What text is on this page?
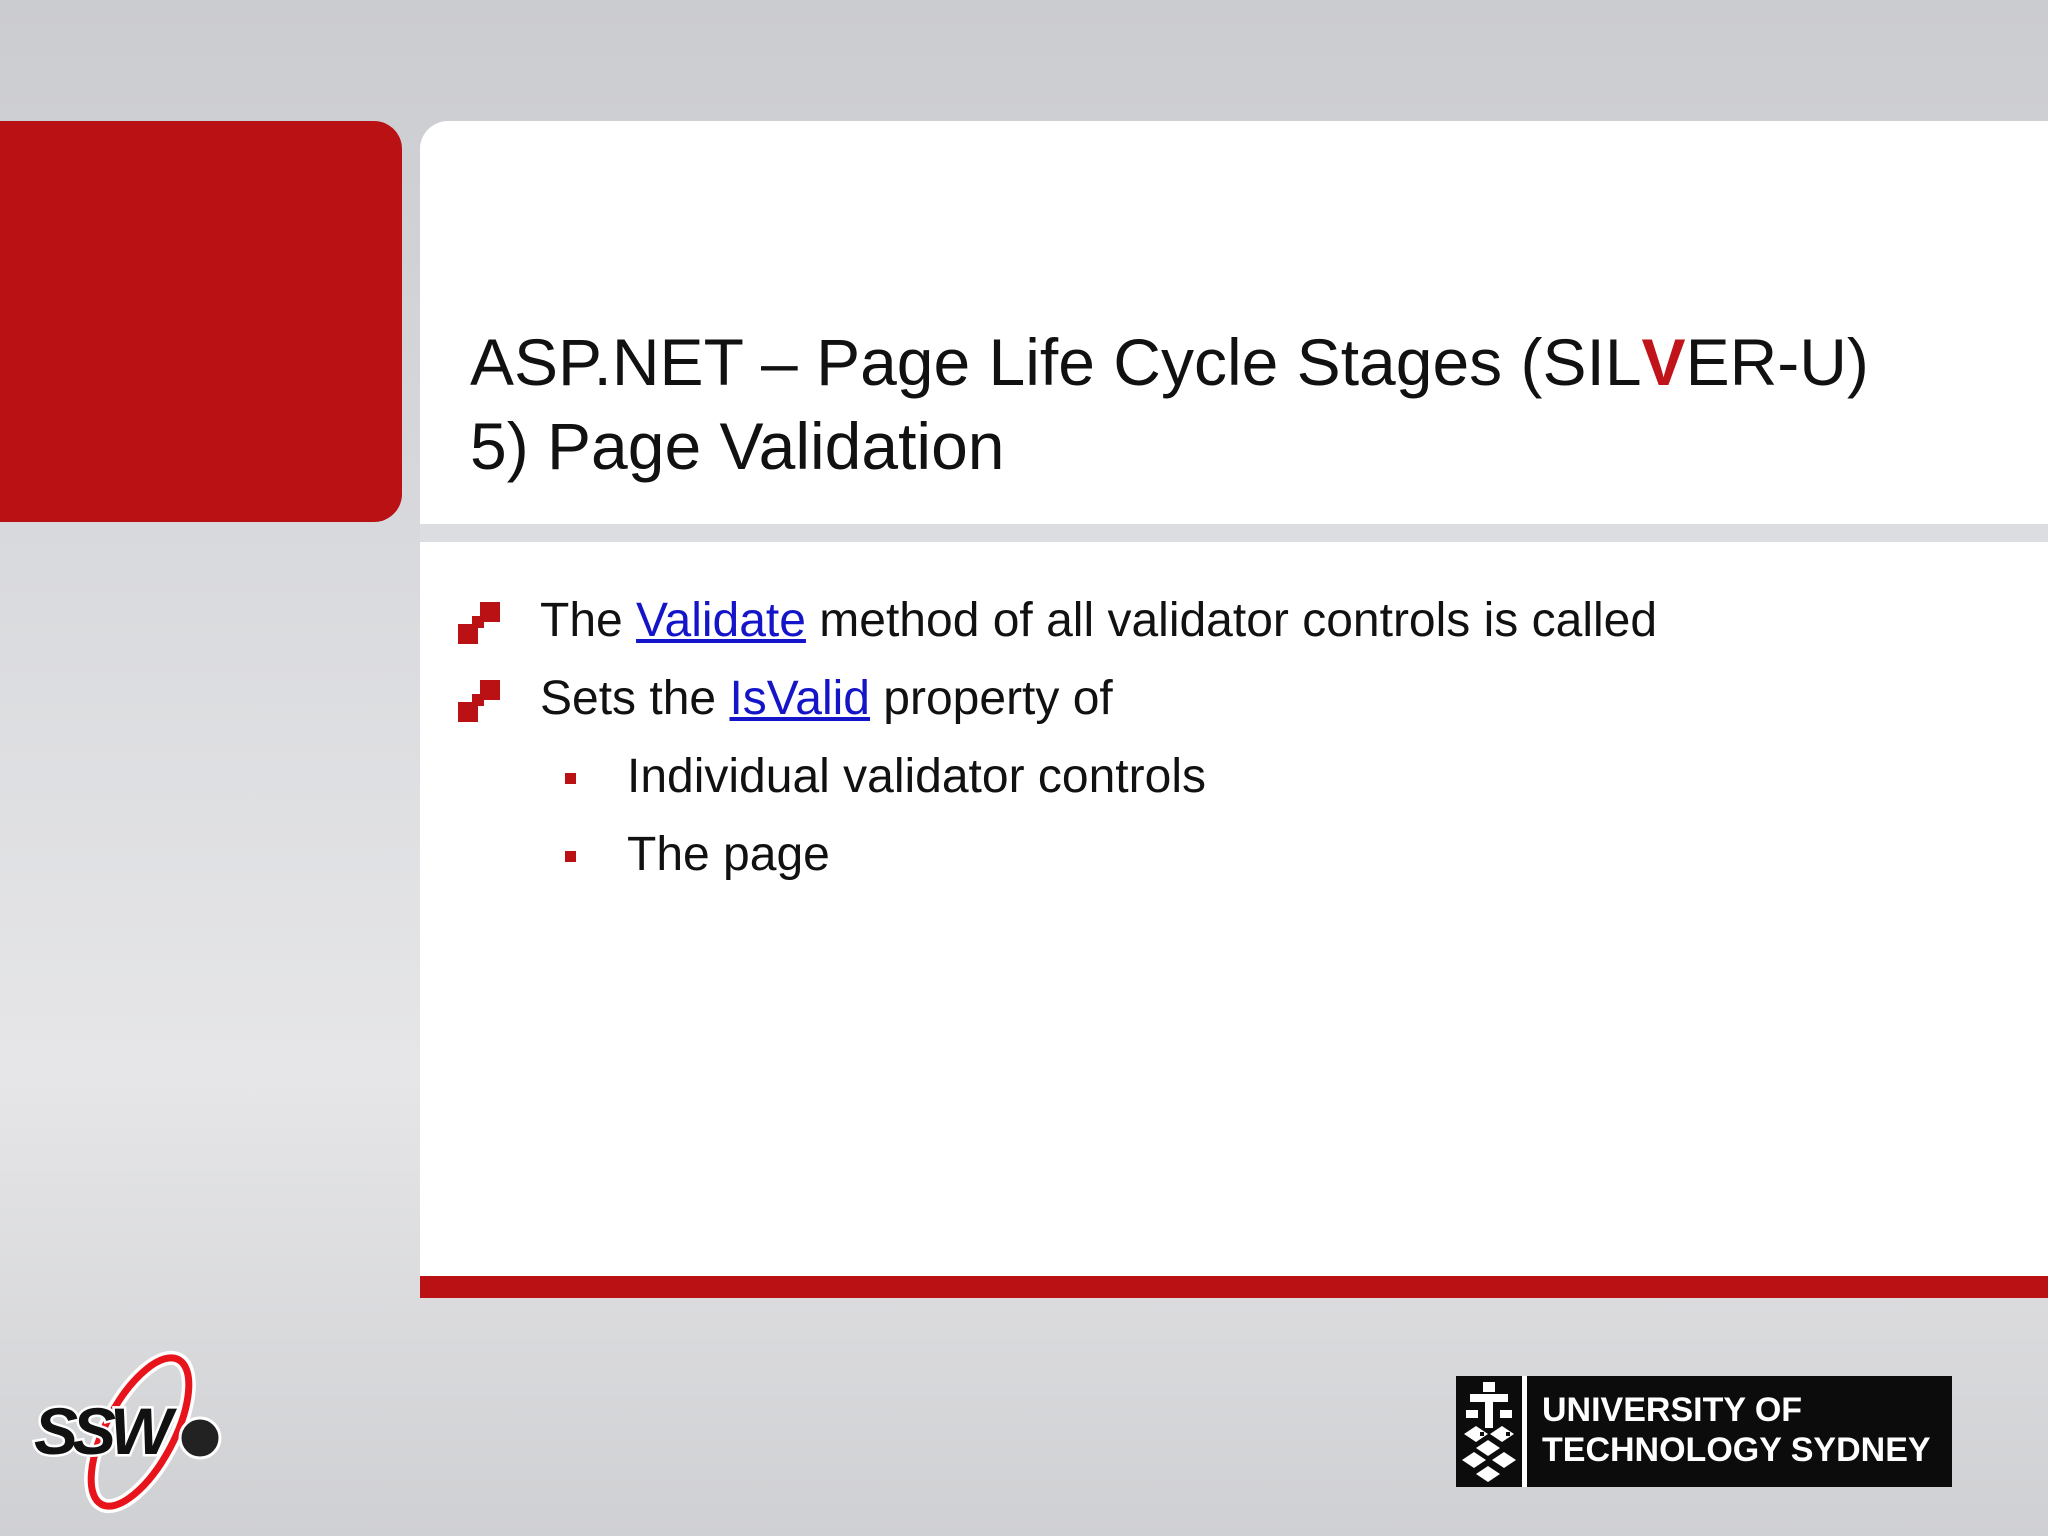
ASP.NET – Page Life Cycle Stages (SILVER-U)
5) Page Validation
The Validate method of all validator controls is called
Sets the IsValid property of
Individual validator controls
The page
SSW	UNIVERSITY OF
TECHNOLOGY SYDNEY
